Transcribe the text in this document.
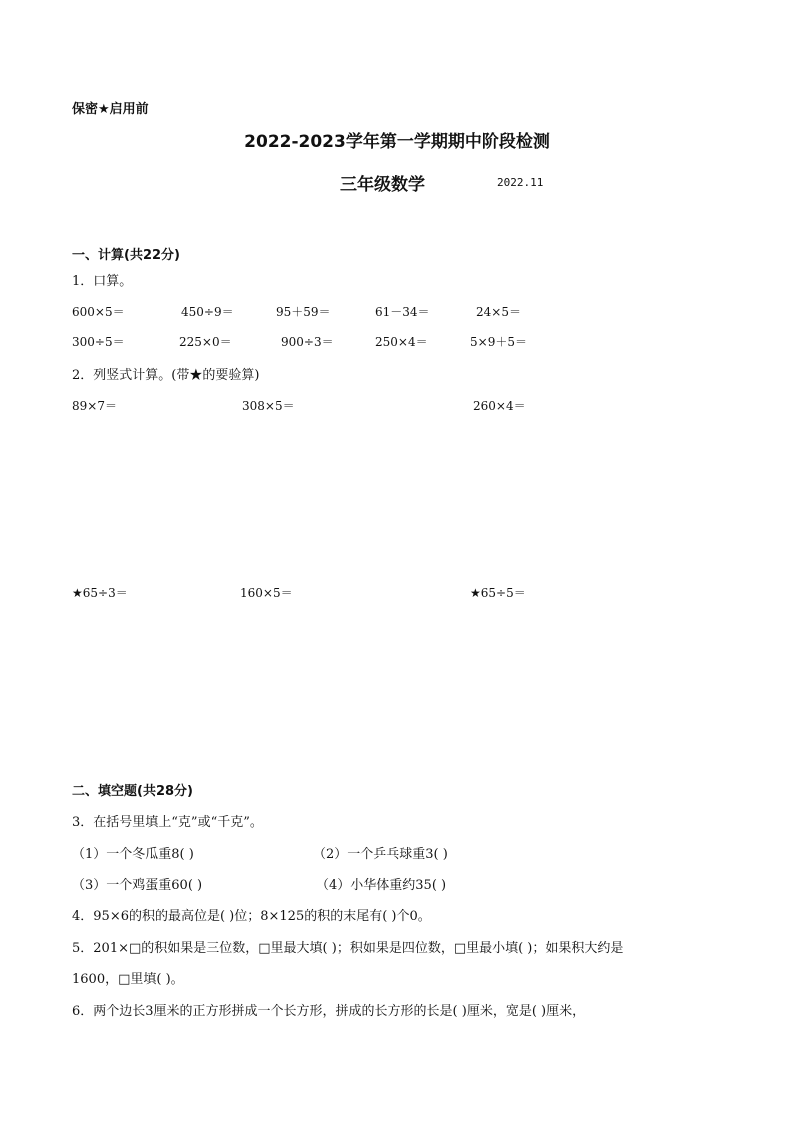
保密★启用前
2022-2023学年第一学期期中阶段检测
三年级数学	2022.11
一、计算(共22分)
1．口算。
600×5＝	450÷9＝	95＋59＝	61－34＝	24×5＝
300÷5＝	225×0＝	900÷3＝	250×4＝	5×9＋5＝
2．列竖式计算。(带★的要验算)
89×7＝	308×5＝	260×4＝
★65÷3＝	160×5＝	★65÷5＝
二、填空题(共28分)
3．在括号里填上“克”或“千克”。
（1）一个冬瓜重8( )	（2）一个乒乓球重3( )
（3）一个鸡蛋重60( )	（4）小华体重约35( )
4．95×6的积的最高位是( )位；8×125的积的末尾有( )个0。
5．201×□的积如果是三位数，□里最大填( )；积如果是四位数，□里最小填( )；如果积大约是
1600，□里填( )。
6．两个边长3厘米的正方形拼成一个长方形，拼成的长方形的长是( )厘米，宽是( )厘米，
